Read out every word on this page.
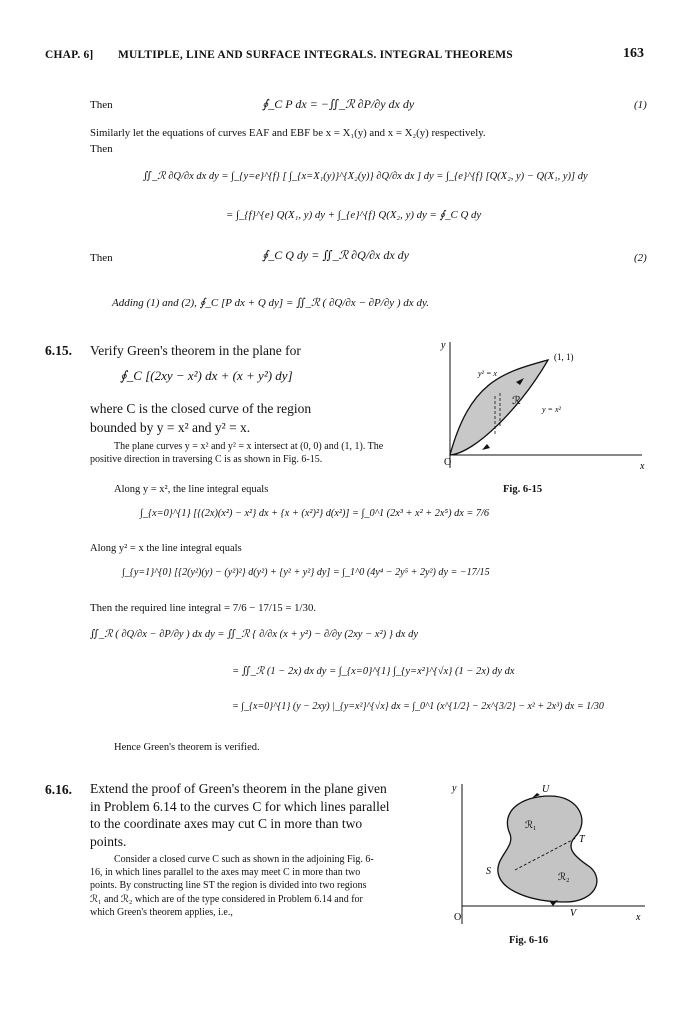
CHAP. 6] MULTIPLE, LINE AND SURFACE INTEGRALS. INTEGRAL THEOREMS	163
Then	∮_C P dx = −∬_ℛ ∂P/∂y dx dy	(1)
Similarly let the equations of curves EAF and EBF be x = X₁(y) and x = X₂(y) respectively.
Then
∬_ℛ ∂Q/∂x dx dy = ∫_{y=e}^{f} [ ∫_{x=X₁(y)}^{X₂(y)} ∂Q/∂x dx ] dy = ∫_{e}^{f} [Q(X₂, y) − Q(X₁, y)] dy
= ∫_{f}^{e} Q(X₁, y) dy + ∫_{e}^{f} Q(X₂, y) dy = ∮_C Q dy
Then	∮_C Q dy = ∬_ℛ ∂Q/∂x dx dy	(2)
Adding (1) and (2), ∮_C [P dx + Q dy] = ∬_ℛ ( ∂Q/∂x − ∂P/∂y ) dx dy.
6.15. Verify Green's theorem in the plane for
∮_C [(2xy − x²) dx + (x + y²) dy]
where C is the closed curve of the region
bounded by y = x² and y² = x.
The plane curves y = x² and y² = x intersect at (0, 0) and (1, 1). The positive direction in traversing C is as shown in Fig. 6-15.
y
x
O
(1, 1)
y² = x
y = x²
ℛ
Fig. 6-15
Along y = x², the line integral equals
∫_{x=0}^{1} [{(2x)(x²) − x²} dx + {x + (x²)²} d(x²)] = ∫_0^1 (2x³ + x² + 2x⁵) dx = 7/6
Along y² = x the line integral equals
∫_{y=1}^{0} [{2(y²)(y) − (y²)²} d(y²) + {y² + y²} dy] = ∫_1^0 (4y⁴ − 2y⁵ + 2y²) dy = −17/15
Then the required line integral = 7/6 − 17/15 = 1/30.
∬_ℛ ( ∂Q/∂x − ∂P/∂y ) dx dy = ∬_ℛ { ∂/∂x (x + y²) − ∂/∂y (2xy − x²) } dx dy
= ∬_ℛ (1 − 2x) dx dy = ∫_{x=0}^{1} ∫_{y=x²}^{√x} (1 − 2x) dy dx
= ∫_{x=0}^{1} (y − 2xy) |_{y=x²}^{√x} dx = ∫_0^1 (x^{1/2} − 2x^{3/2} − x² + 2x³) dx = 1/30
Hence Green's theorem is verified.
6.16. Extend the proof of Green's theorem in the plane given in Problem 6.14 to the curves C for which lines parallel to the coordinate axes may cut C in more than two points.
Consider a closed curve C such as shown in the adjoining Fig. 6-16, in which lines parallel to the axes may meet C in more than two points. By constructing line ST the region is divided into two regions ℛ₁ and ℛ₂ which are of the type considered in Problem 6.14 and for which Green's theorem applies, i.e.,
y
x
O
U
S
T
V
ℛ₁
ℛ₂
Fig. 6-16
